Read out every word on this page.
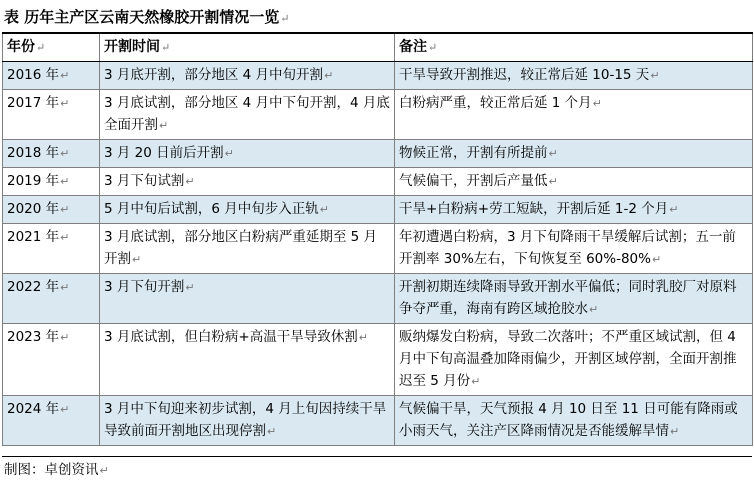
表 历年主产区云南天然橡胶开割情况一览↵
年份↵	开割时间↵	备注↵
2016 年↵	3 月底开割，部分地区 4 月中旬开割↵	干旱导致开割推迟，较正常后延 10-15 天↵
2017 年↵	3 月底试割，部分地区 4 月中下旬开割，4 月底全面开割↵	白粉病严重，较正常后延 1 个月↵
2018 年↵	3 月 20 日前后开割↵	物候正常，开割有所提前↵
2019 年↵	3 月下旬试割↵	气候偏干，开割后产量低↵
2020 年↵	5 月中旬后试割，6 月中旬步入正轨↵	干旱+白粉病+劳工短缺，开割后延 1-2 个月↵
2021 年↵	3 月底试割，部分地区白粉病严重延期至 5 月开割↵	年初遭遇白粉病，3 月下旬降雨干旱缓解后试割；五一前开割率 30%左右，下旬恢复至 60%-80%↵
2022 年↵	3 月下旬开割↵	开割初期连续降雨导致开割水平偏低；同时乳胶厂对原料争夺严重，海南有跨区域抢胶水↵
2023 年↵	3 月底试割，但白粉病+高温干旱导致休割↵	贩纳爆发白粉病，导致二次落叶；不严重区域试割，但 4 月中下旬高温叠加降雨偏少，开割区域停割，全面开割推迟至 5 月份↵
2024 年↵	3 月中下旬迎来初步试割，4 月上旬因持续干旱导致前面开割地区出现停割↵	气候偏干旱，天气预报 4 月 10 日至 11 日可能有降雨或小雨天气，关注产区降雨情况是否能缓解旱情↵
制图：卓创资讯↵
